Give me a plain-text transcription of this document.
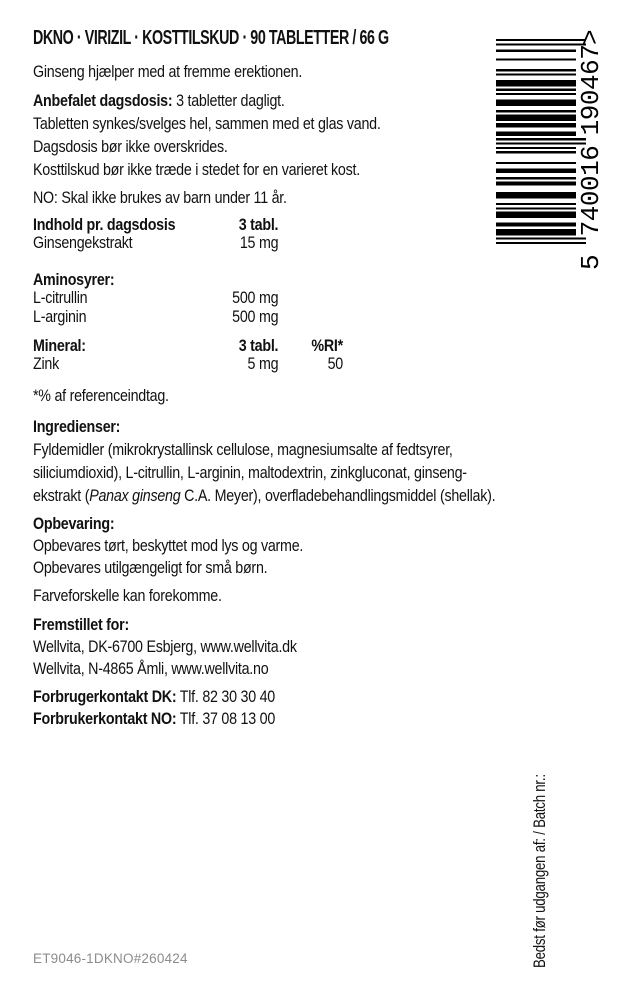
DKNO · VIRIZIL · KOSTTILSKUD · 90 TABLETTER / 66 G

Ginseng hjælper med at fremme erektionen.

Anbefalet dagsdosis: 3 tabletter dagligt.
Tabletten synkes/svelges hel, sammen med et glas vand.
Dagsdosis bør ikke overskrides.
Kosttilskud bør ikke træde i stedet for en varieret kost.

NO: Skal ikke brukes av barn under 11 år.

Indhold pr. dagsdosis	3 tabl.
Ginsengekstrakt	15 mg
Aminosyrer:
L-citrullin	500 mg
L-arginin	500 mg
Mineral:	3 tabl.	%RI*
Zink	5 mg	50

*% af referenceindtag.

Ingredienser:
Fyldemidler (mikrokrystallinsk cellulose, magnesiumsalte af fedtsyrer,
siliciumdioxid), L-citrullin, L-arginin, maltodextrin, zinkgluconat, ginseng-
ekstrakt (Panax ginseng C.A. Meyer), overfladebehandlingsmiddel (shellak).
Opbevaring:
Opbevares tørt, beskyttet mod lys og varme.
Opbevares utilgængeligt for små børn.

Farveforskelle kan forekomme.

Fremstillet for:
Wellvita, DK-6700 Esbjerg, www.wellvita.dk
Wellvita, N-4865 Åmli, www.wellvita.no
Forbrugerkontakt DK: Tlf. 82 30 30 40
Forbrukerkontakt NO: Tlf. 37 08 13 00
ET9046-1DKNO#260424
5
740016
190467
>
Bedst før udgangen af: / Batch nr.:
